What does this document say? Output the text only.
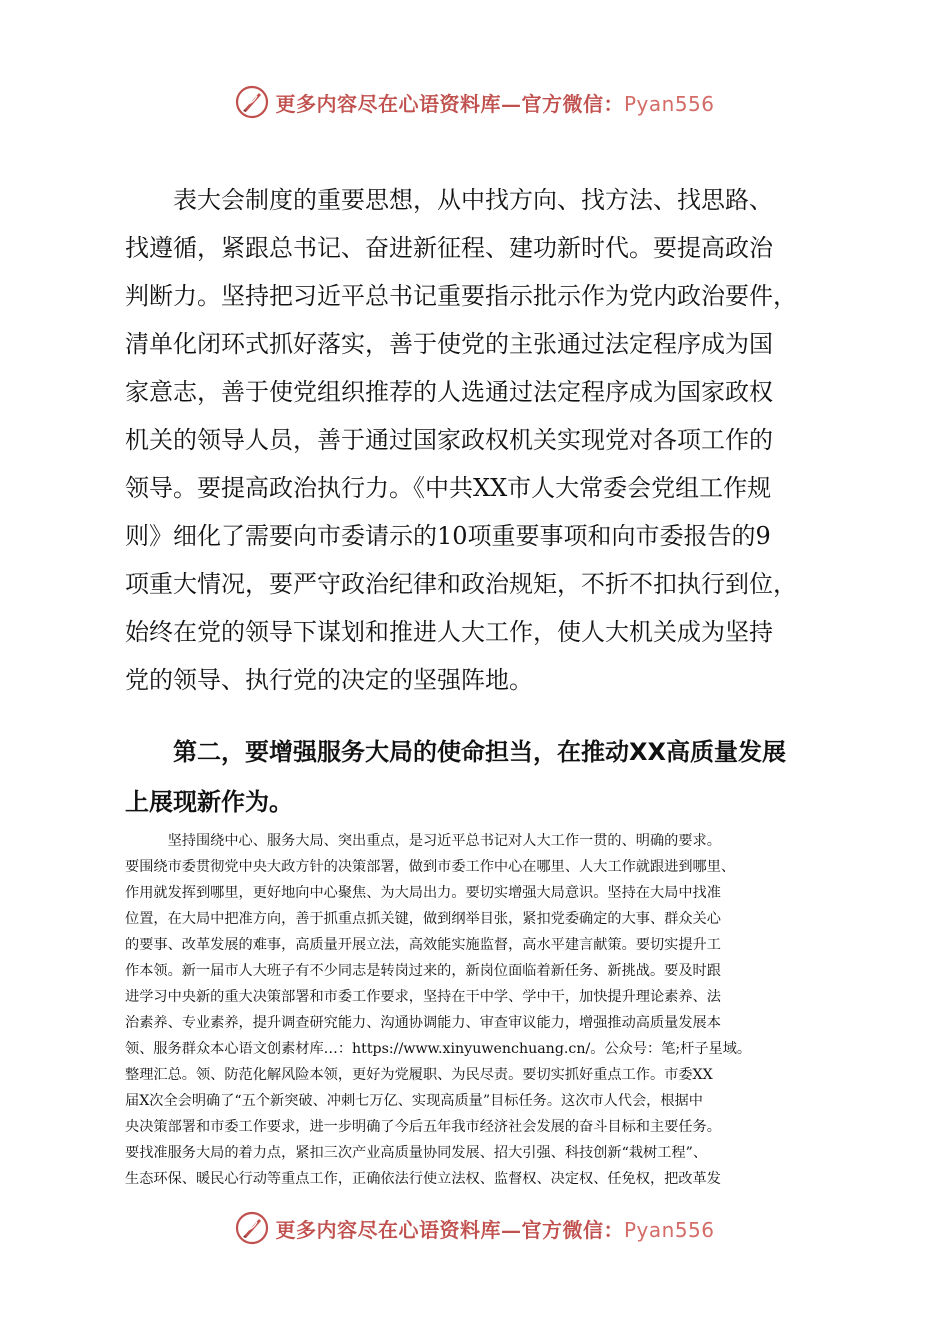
更多内容尽在心语资料库—官方微信：Pyan556
　　表大会制度的重要思想，从中找方向、找方法、找思路、
找遵循，紧跟总书记、奋进新征程、建功新时代。要提高政治
判断力。坚持把习近平总书记重要指示批示作为党内政治要件，
清单化闭环式抓好落实，善于使党的主张通过法定程序成为国
家意志，善于使党组织推荐的人选通过法定程序成为国家政权
机关的领导人员，善于通过国家政权机关实现党对各项工作的
领导。要提高政治执行力。《中共XX市人大常委会党组工作规
则》细化了需要向市委请示的10项重要事项和向市委报告的9
项重大情况，要严守政治纪律和政治规矩，不折不扣执行到位，
始终在党的领导下谋划和推进人大工作，使人大机关成为坚持
党的领导、执行党的决定的坚强阵地。
　　第二，要增强服务大局的使命担当，在推动XX高质量发展
上展现新作为。
　　　坚持围绕中心、服务大局、突出重点，是习近平总书记对人大工作一贯的、明确的要求。
要围绕市委贯彻党中央大政方针的决策部署，做到市委工作中心在哪里、人大工作就跟进到哪里、
作用就发挥到哪里，更好地向中心聚焦、为大局出力。要切实增强大局意识。坚持在大局中找准
位置，在大局中把准方向，善于抓重点抓关键，做到纲举目张，紧扣党委确定的大事、群众关心
的要事、改革发展的难事，高质量开展立法，高效能实施监督，高水平建言献策。要切实提升工
作本领。新一届市人大班子有不少同志是转岗过来的，新岗位面临着新任务、新挑战。要及时跟
进学习中央新的重大决策部署和市委工作要求，坚持在干中学、学中干，加快提升理论素养、法
治素养、专业素养，提升调查研究能力、沟通协调能力、审查审议能力，增强推动高质量发展本
领、服务群众本心语文创素材库…：https://www.xinyuwenchuang.cn/。公众号：笔;杆子星域。
整理汇总。领、防范化解风险本领，更好为党履职、为民尽责。要切实抓好重点工作。市委XX
届X次全会明确了“五个新突破、冲刺七万亿、实现高质量”目标任务。这次市人代会，根据中
央决策部署和市委工作要求，进一步明确了今后五年我市经济社会发展的奋斗目标和主要任务。
要找准服务大局的着力点，紧扣三次产业高质量协同发展、招大引强、科技创新“栽树工程”、
生态环保、暖民心行动等重点工作，正确依法行使立法权、监督权、决定权、任免权，把改革发
更多内容尽在心语资料库—官方微信：Pyan556
